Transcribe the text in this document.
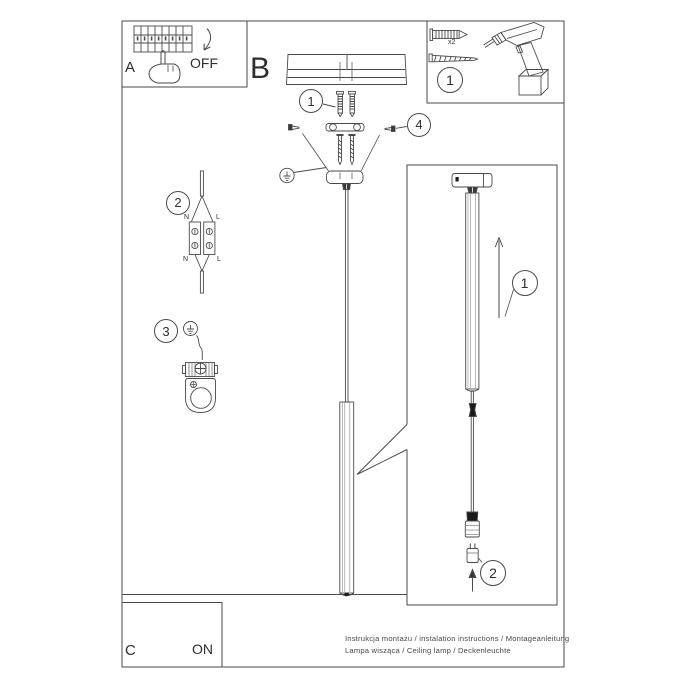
A	OFF B
C	ON
x2
1
1
4
2
3
1
2
N	L
N	L
Instrukcja montażu / instalation instructions / Montageanleitung
Lampa wisząca / Ceiling lamp / Deckenleuchte
